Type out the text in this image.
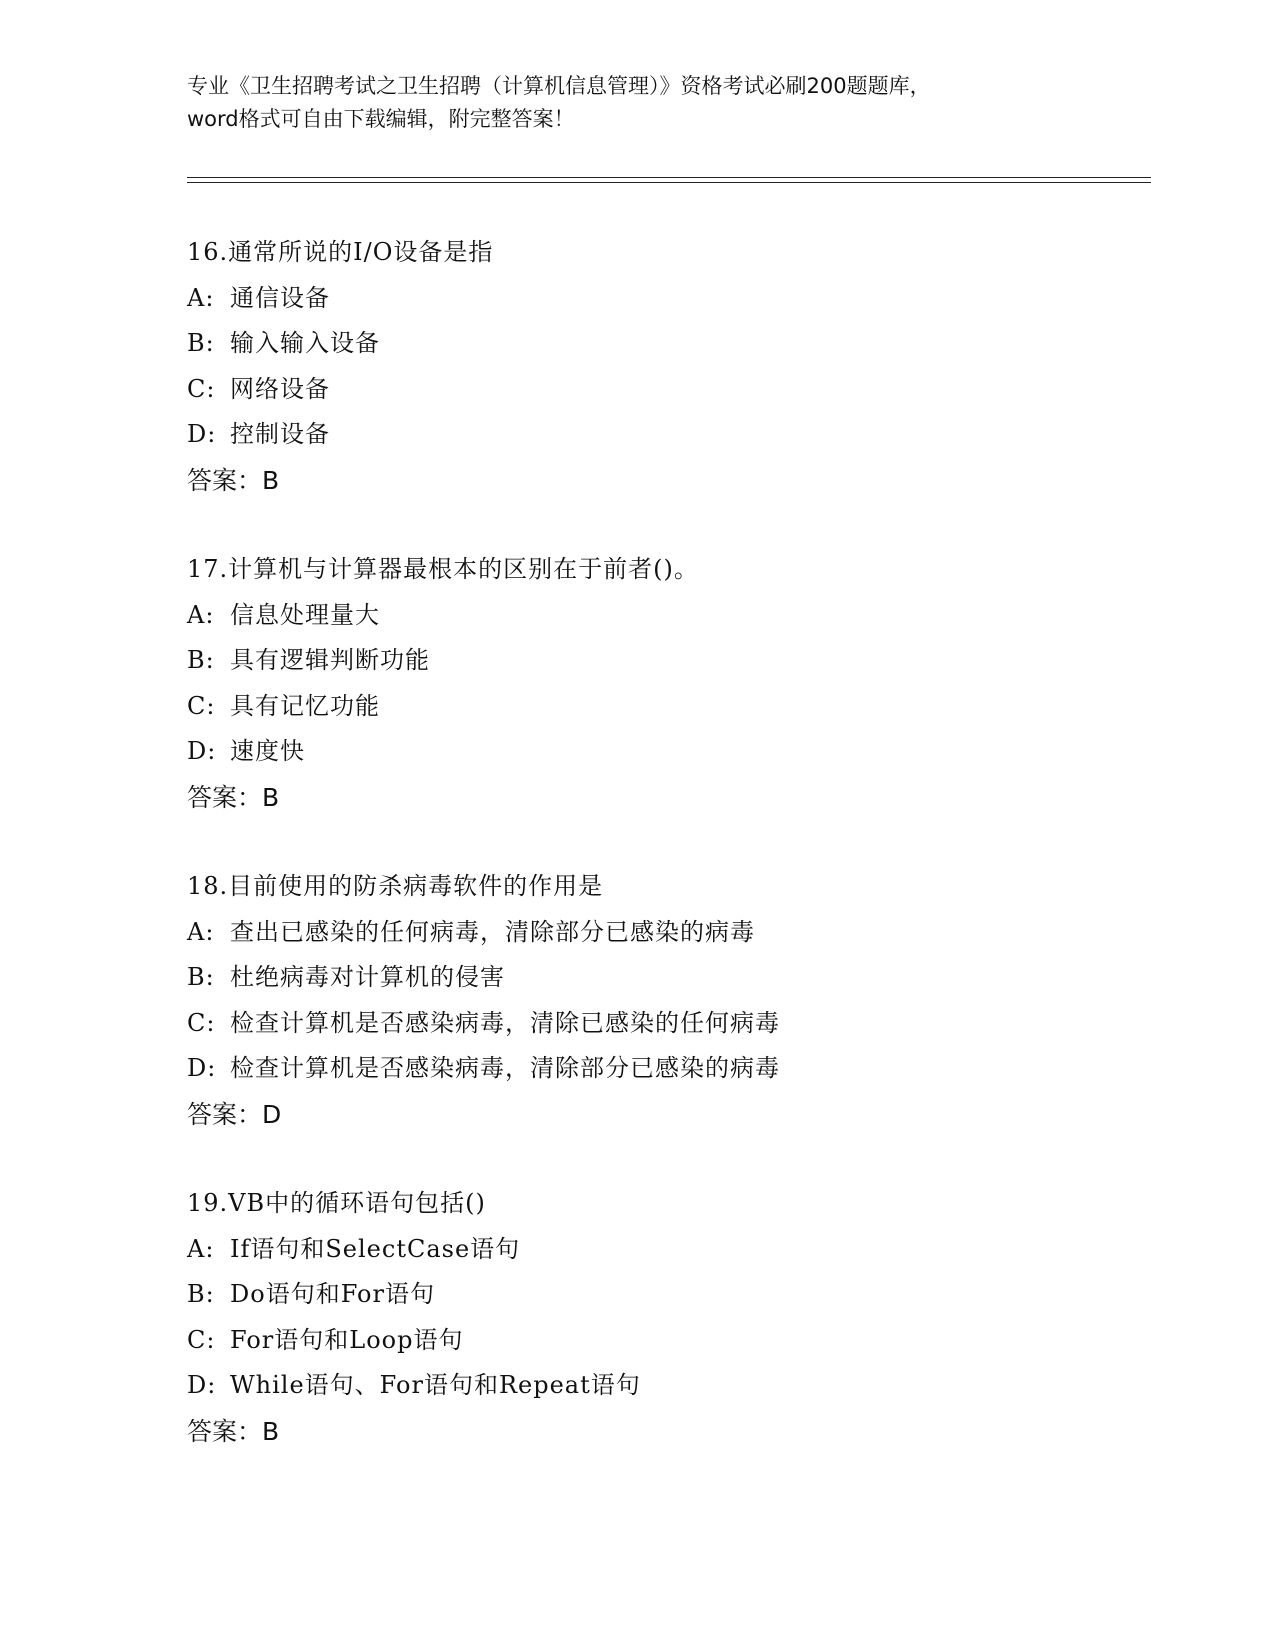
专业《卫生招聘考试之卫生招聘（计算机信息管理）》资格考试必刷200题题库，
word格式可自由下载编辑，附完整答案！
16.通常所说的I/O设备是指
A: 通信设备
B: 输入输入设备
C: 网络设备
D: 控制设备
答案：B
17.计算机与计算器最根本的区别在于前者()。
A: 信息处理量大
B: 具有逻辑判断功能
C: 具有记忆功能
D: 速度快
答案：B
18.目前使用的防杀病毒软件的作用是
A: 查出已感染的任何病毒，清除部分已感染的病毒
B: 杜绝病毒对计算机的侵害
C: 检查计算机是否感染病毒，清除已感染的任何病毒
D: 检查计算机是否感染病毒，清除部分已感染的病毒
答案：D
19.VB中的循环语句包括()
A: If语句和SelectCase语句
B: Do语句和For语句
C: For语句和Loop语句
D: While语句、For语句和Repeat语句
答案：B
